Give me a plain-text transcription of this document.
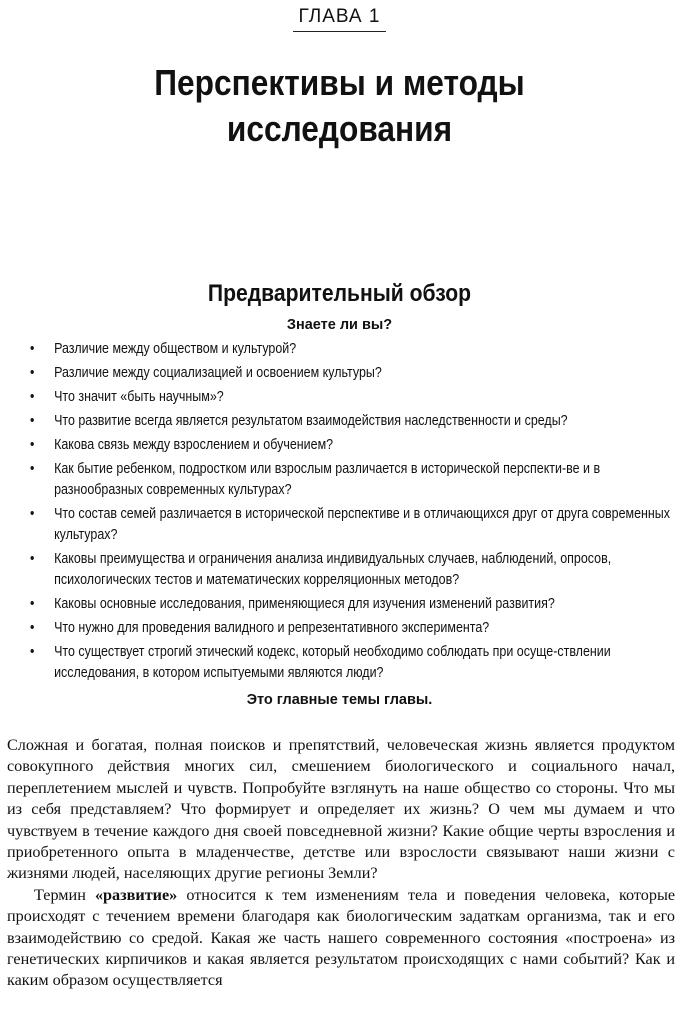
ГЛАВА 1
Перспективы и методы
исследования
Предварительный обзор
Знаете ли вы?
• Различие между обществом и культурой?
• Различие между социализацией и освоением культуры?
• Что значит «быть научным»?
• Что развитие всегда является результатом взаимодействия наследственности и среды?
• Какова связь между взрослением и обучением?
• Как бытие ребенком, подростком или взрослым различается в исторической перспекти-ве и в разнообразных современных культурах?
• Что состав семей различается в исторической перспективе и в отличающихся друг от друга современных культурах?
• Каковы преимущества и ограничения анализа индивидуальных случаев, наблюдений, опросов, психологических тестов и математических корреляционных методов?
• Каковы основные исследования, применяющиеся для изучения изменений развития?
• Что нужно для проведения валидного и репрезентативного эксперимента?
• Что существует строгий этический кодекс, который необходимо соблюдать при осуще-ствлении исследования, в котором испытуемыми являются люди?

Это главные темы главы.

Сложная и богатая, полная поисков и препятствий, человеческая жизнь является продуктом совокупного действия многих сил, смешением биологического и социального начал, переплетением мыслей и чувств. Попробуйте взглянуть на наше общество со стороны. Что мы из себя представляем? Что формирует и определяет их жизнь? О чем мы думаем и что чувствуем в течение каждого дня своей повседневной жизни? Какие общие черты взросления и приобретенного опыта в младенчестве, детстве или взрослости связывают наши жизни с жизнями людей, населяющих другие регионы Земли?

Термин «развитие» относится к тем изменениям тела и поведения человека, которые происходят с течением времени благодаря как биологическим задаткам организма, так и его взаимодействию со средой. Какая же часть нашего современного состояния «построена» из генетических кирпичиков и какая является результатом происходящих с нами событий? Как и каким образом осуществляется
